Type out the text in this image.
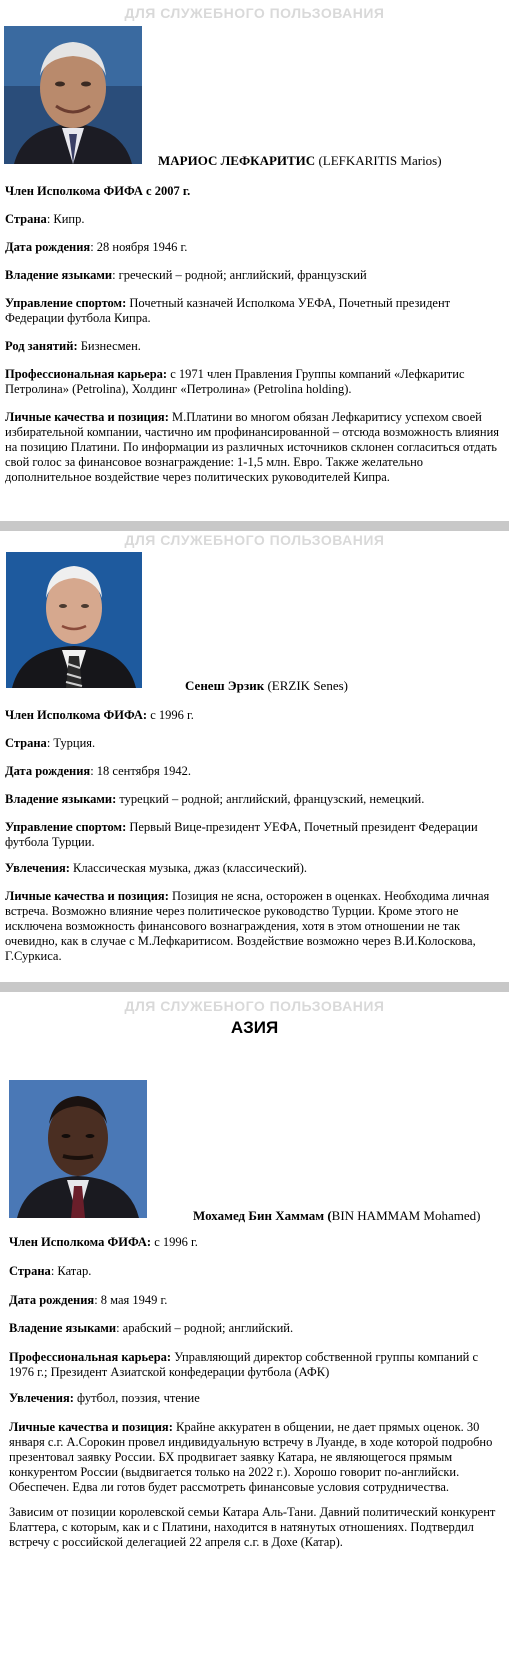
ДЛЯ СЛУЖЕБНОГО ПОЛЬЗОВАНИЯ
МАРИОС ЛЕФКАРИТИС (LEFKARITIS Marios)
Член Исполкома ФИФА с 2007 г.
Страна: Кипр.
Дата рождения: 28 ноября 1946 г.
Владение языками: греческий – родной; английский, французский
Управление спортом: Почетный казначей Исполкома УЕФА, Почетный президент Федерации футбола Кипра.
Род занятий: Бизнесмен.
Профессиональная карьера: с 1971 член Правления Группы компаний «Лефкаритис Петролина» (Petrolina), Холдинг «Петролина» (Petrolina holding).
Личные качества и позиция: М.Платини во многом обязан Лефкаритису успехом своей избирательной компании, частично им профинансированной – отсюда возможность влияния на позицию Платини. По информации из различных источников склонен согласиться отдать свой голос за финансовое вознаграждение: 1-1,5 млн. Евро. Также желательно дополнительное воздействие через политических руководителей Кипра.
ДЛЯ СЛУЖЕБНОГО ПОЛЬЗОВАНИЯ
Сенеш Эрзик (ERZIK Senes)
Член Исполкома ФИФА: с 1996 г.
Страна: Турция.
Дата рождения: 18 сентября 1942.
Владение языками: турецкий – родной; английский, французский, немецкий.
Управление спортом: Первый Вице-президент УЕФА, Почетный президент Федерации футбола Турции.
Увлечения: Классическая музыка, джаз (классический).
Личные качества и позиция: Позиция не ясна, осторожен в оценках. Необходима личная встреча. Возможно влияние через политическое руководство Турции. Кроме этого не исключена возможность финансового вознаграждения, хотя в этом отношении не так очевидно, как в случае с М.Лефкаритисом. Воздействие возможно через В.И.Колоскова, Г.Суркиса.
ДЛЯ СЛУЖЕБНОГО ПОЛЬЗОВАНИЯ
АЗИЯ
Мохамед Бин Хаммам (BIN HAMMAM Mohamed)
Член Исполкома ФИФА: с 1996 г.
Страна: Катар.
Дата рождения: 8 мая 1949 г.
Владение языками: арабский – родной; английский.
Профессиональная карьера: Управляющий директор собственной группы компаний с 1976 г.; Президент Азиатской конфедерации футбола (АФК)
Увлечения: футбол, поэзия, чтение
Личные качества и позиция: Крайне аккуратен в общении, не дает прямых оценок. 30 января с.г. А.Сорокин провел индивидуальную встречу в Луанде, в ходе которой подробно презентовал заявку России. БХ продвигает заявку Катара, не являющегося прямым конкурентом России (выдвигается только на 2022 г.). Хорошо говорит по-английски. Обеспечен. Едва ли готов будет рассмотреть финансовые условия сотрудничества.
Зависим от позиции королевской семьи Катара Аль-Тани. Давний политический конкурент Блаттера, с которым, как и с Платини, находится в натянутых отношениях. Подтвердил встречу с российской делегацией 22 апреля с.г. в Дохе (Катар).
